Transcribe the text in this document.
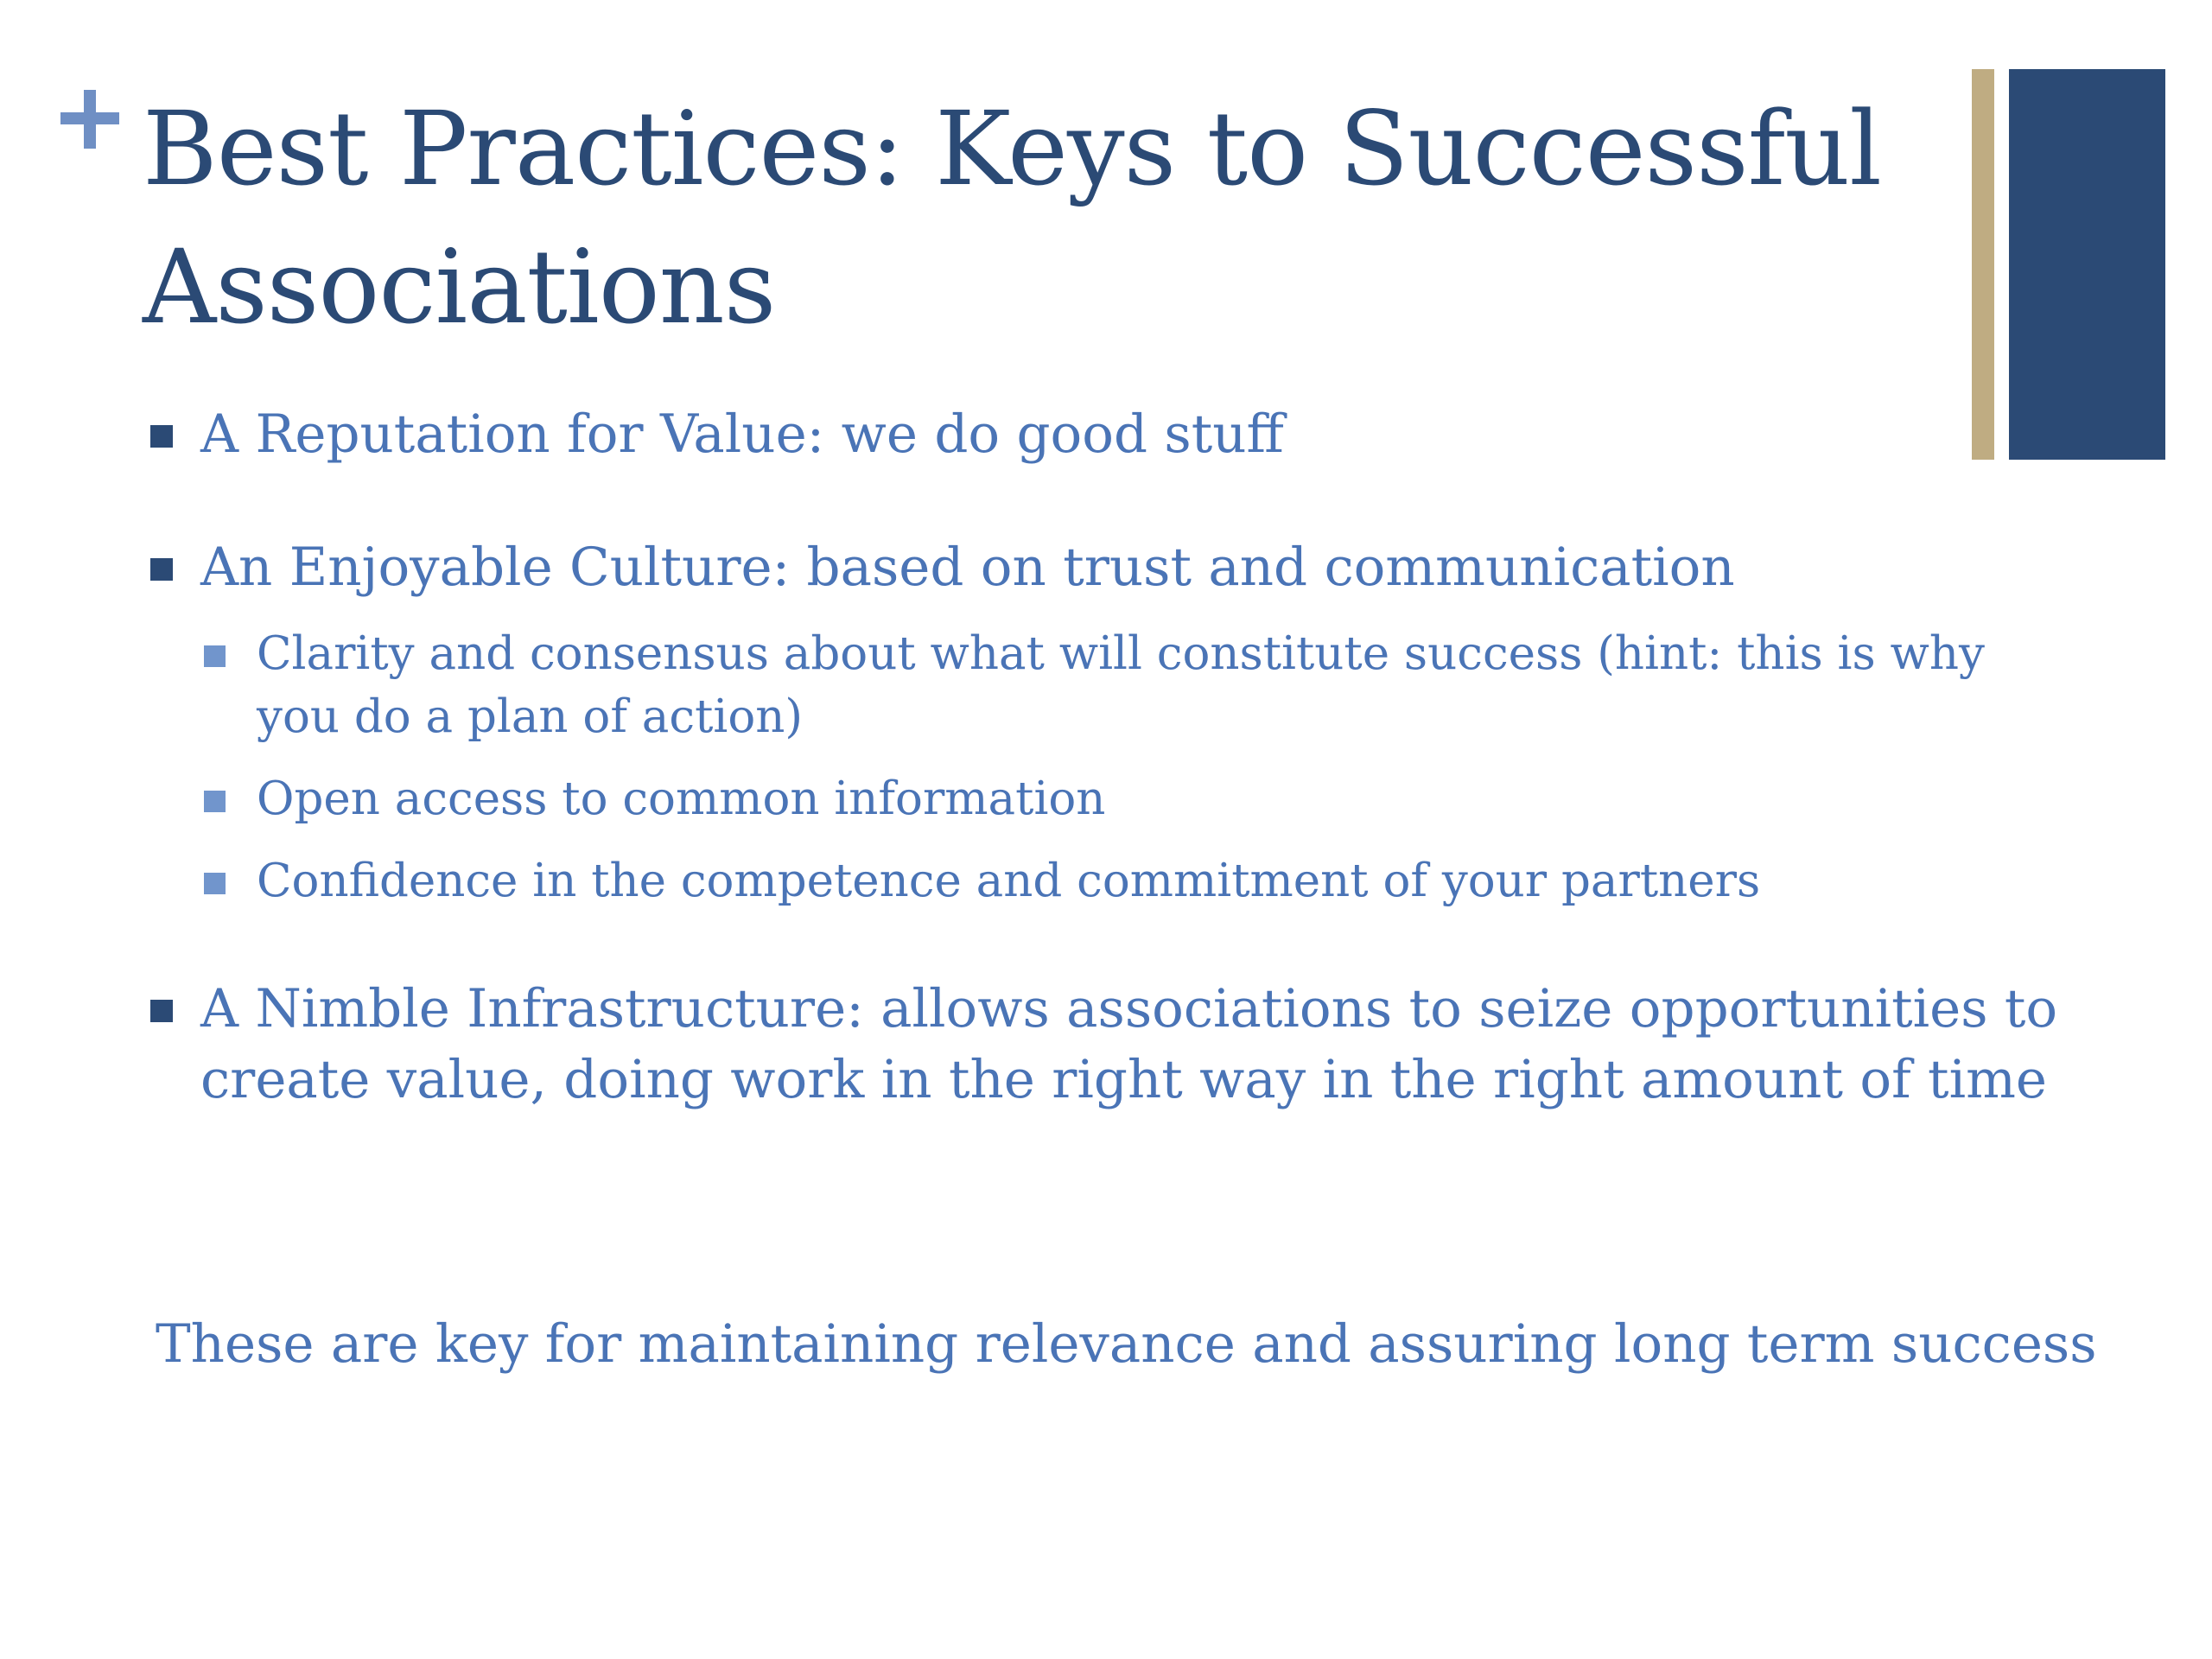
Best Practices: Keys to Successful Associations
A Reputation for Value: we do good stuff
An Enjoyable Culture: based on trust and communication
Clarity and consensus about what will constitute success (hint: this is why you do a plan of action)
Open access to common information
Confidence in the competence and commitment of your partners
A Nimble Infrastructure: allows associations to seize opportunities to create value, doing work in the right way in the right amount of time

These are key for maintaining relevance and assuring long term success
